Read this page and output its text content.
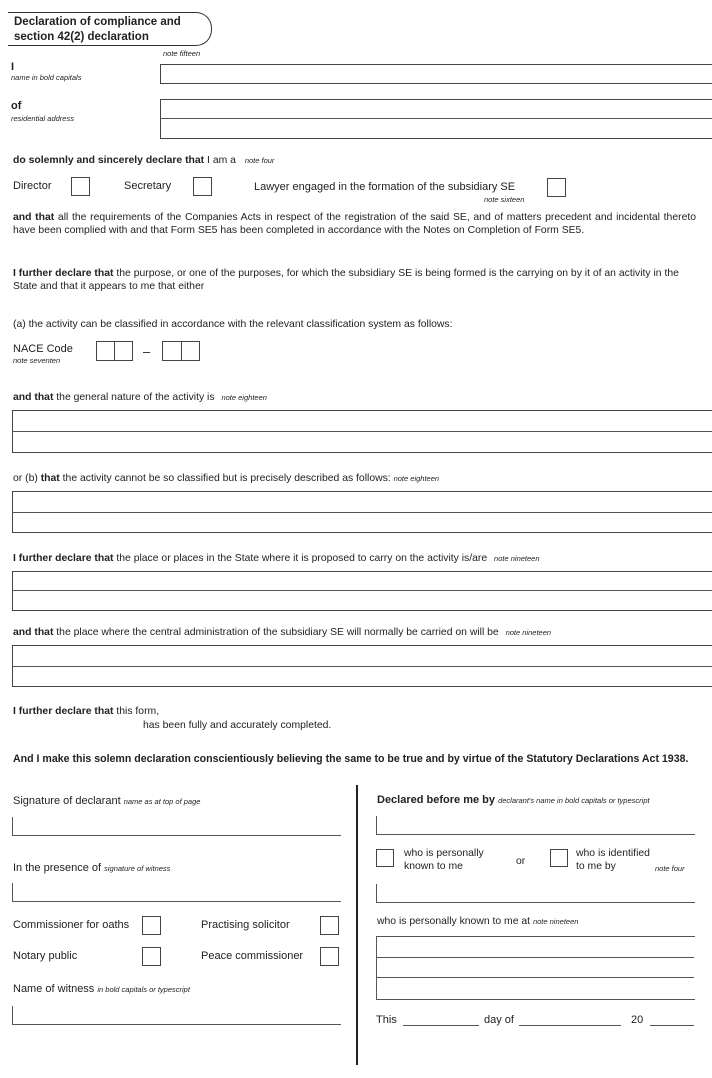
Declaration of compliance and
section 42(2) declaration
note fifteen
I
name in bold capitals
of
residential address
do solemnly and sincerely declare that I am a note four
Director	Secretary	Lawyer engaged in the formation of the subsidiary SE
note sixteen
and that all the requirements of the Companies Acts in respect of the registration of the said SE, and of matters precedent and incidental thereto have been complied with and that Form SE5 has been completed in accordance with the Notes on Completion of Form SE5.
I further declare that the purpose, or one of the purposes, for which the subsidiary SE is being formed is the carrying on by it of an activity in the State and that it appears to me that either
(a) the activity can be classified in accordance with the relevant classification system as follows:
NACE Code
note seventen
–
and that the general nature of the activity is note eighteen
or (b) that the activity cannot be so classified but is precisely described as follows: note eighteen
I further declare that the place or places in the State where it is proposed to carry on the activity is/are note nineteen
and that the place where the central administration of the subsidiary SE will normally be carried on will be note nineteen
I further declare that this form,
has been fully and accurately completed.
And I make this solemn declaration conscientiously believing the same to be true and by virtue of the Statutory Declarations Act 1938.
Signature of declarant name as at top of page
In the presence of signature of witness
Commissioner for oaths	Practising solicitor
Notary public	Peace commissioner
Name of witness in bold capitals or typescript
Declared before me by declarant's name in bold capitals or typescript
who is personally
known to me	or
who is identified
to me by	note four
who is personally known to me at note nineteen
This	day of	20
